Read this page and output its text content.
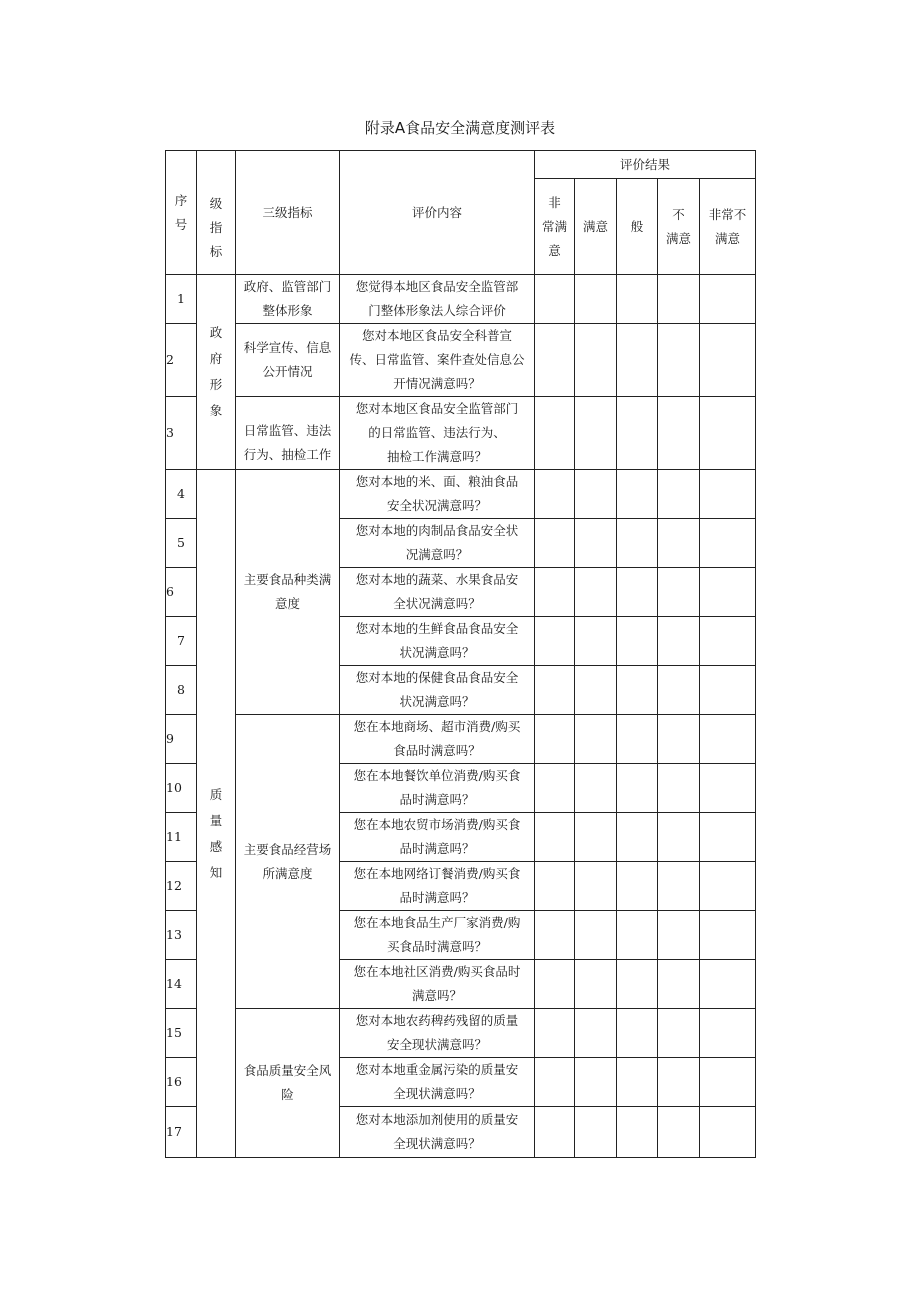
附录A食品安全满意度测评表
序
号	级
指
标	三级指标	评价内容	评价结果				

				非
常满
意	满意	般	不
满意	非常不
满意

1	政
府
形
象	政府、监管部门
整体形象	您觉得本地区食品安全监管部
门整体形象法人综合评价					

2		科学宣传、信息
公开情况	您对本地区食品安全科普宣
传、日常监管、案件查处信息公
开情况满意吗？					

3		日常监管、违法
行为、抽检工作	您对本地区食品安全监管部门
的日常监管、违法行为、
抽检工作满意吗？					

4	质
量
感
知	主要食品种类满
意度	您对本地的米、面、粮油食品
安全状况满意吗？					

5			您对本地的肉制品食品安全状
况满意吗？					

6			您对本地的蔬菜、水果食品安
全状况满意吗？					

7			您对本地的生鲜食品食品安全
状况满意吗？					

8			您对本地的保健食品食品安全
状况满意吗？					

9		主要食品经营场
所满意度	您在本地商场、超市消费/购买
食品时满意吗？					

10			您在本地餐饮单位消费/购买食
品时满意吗？					

11			您在本地农贸市场消费/购买食
品时满意吗？					

12			您在本地网络订餐消费/购买食
品时满意吗？					

13			您在本地食品生产厂家消费/购
买食品时满意吗？					

14			您在本地社区消费/购买食品时
满意吗？					

15		食品质量安全风
险	您对本地农药稗药残留的质量
安全现状满意吗？					

16			您对本地重金属污染的质量安
全现状满意吗？					

17			您对本地添加剂使用的质量安
全现状满意吗？					
